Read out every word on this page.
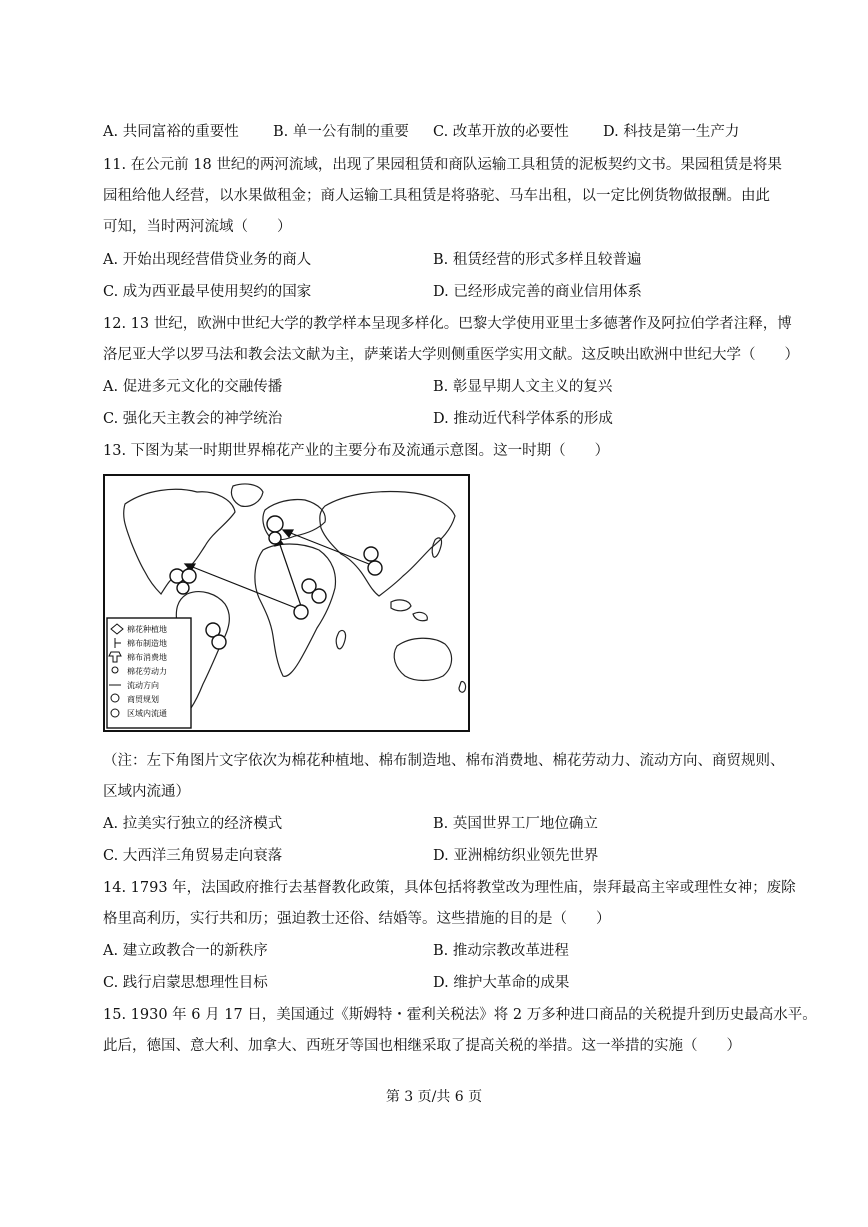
A. 共同富裕的重要性	B. 单一公有制的重要	C. 改革开放的必要性	D. 科技是第一生产力
11. 在公元前 18 世纪的两河流域，出现了果园租赁和商队运输工具租赁的泥板契约文书。果园租赁是将果
园租给他人经营，以水果做租金；商人运输工具租赁是将骆驼、马车出租，以一定比例货物做报酬。由此
可知，当时两河流域（　　）
A. 开始出现经营借贷业务的商人	B. 租赁经营的形式多样且较普遍
C. 成为西亚最早使用契约的国家	D. 已经形成完善的商业信用体系
12. 13 世纪，欧洲中世纪大学的教学样本呈现多样化。巴黎大学使用亚里士多德著作及阿拉伯学者注释，博
洛尼亚大学以罗马法和教会法文献为主，萨莱诺大学则侧重医学实用文献。这反映出欧洲中世纪大学（　　）
A. 促进多元文化的交融传播	B. 彰显早期人文主义的复兴
C. 强化天主教会的神学统治	D. 推动近代科学体系的形成
13. 下图为某一时期世界棉花产业的主要分布及流通示意图。这一时期（　　）
棉花种植地
棉布制造地
棉布消费地
棉花劳动力
流动方向
商贸规划
区域内流通
（注：左下角图片文字依次为棉花种植地、棉布制造地、棉布消费地、棉花劳动力、流动方向、商贸规则、
区域内流通）
A. 拉美实行独立的经济模式	B. 英国世界工厂地位确立
C. 大西洋三角贸易走向衰落	D. 亚洲棉纺织业领先世界
14. 1793 年，法国政府推行去基督教化政策，具体包括将教堂改为理性庙，崇拜最高主宰或理性女神；废除
格里高利历，实行共和历；强迫教士还俗、结婚等。这些措施的目的是（　　）
A. 建立政教合一的新秩序	B. 推动宗教改革进程
C. 践行启蒙思想理性目标	D. 维护大革命的成果
15. 1930 年 6 月 17 日，美国通过《斯姆特・霍利关税法》将 2 万多种进口商品的关税提升到历史最高水平。
此后，德国、意大利、加拿大、西班牙等国也相继采取了提高关税的举措。这一举措的实施（　　）
第 3 页/共 6 页
